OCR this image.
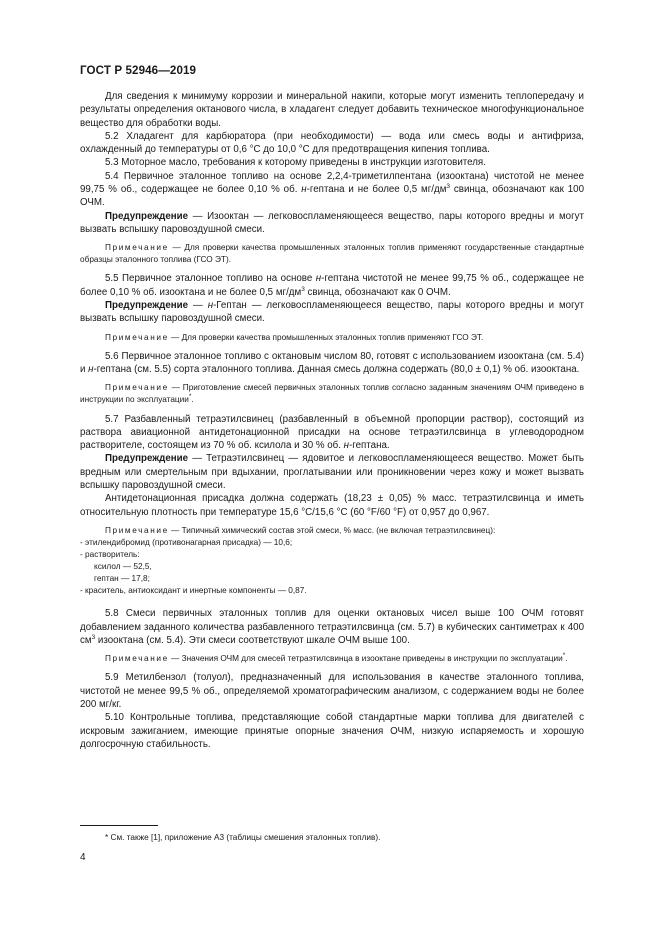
ГОСТ Р 52946—2019

Для сведения к минимуму коррозии и минеральной накипи, которые могут изменить теплопередачу и результаты определения октанового числа, в хладагент следует добавить техническое многофункциональное вещество для обработки воды.

5.2 Хладагент для карбюратора (при необходимости) — вода или смесь воды и антифриза, охлажденный до температуры от 0,6 °C до 10,0 °C для предотвращения кипения топлива.

5.3 Моторное масло, требования к которому приведены в инструкции изготовителя.

5.4 Первичное эталонное топливо на основе 2,2,4-триметилпентана (изооктана) чистотой не менее 99,75 % об., содержащее не более 0,10 % об. н-гептана и не более 0,5 $мг/дм^3$ свинца, обозначают как 100 ОЧМ.

Предупреждение — Изооктан — легковоспламеняющееся вещество, пары которого вредны и могут вызвать вспышку паровоздушной смеси.

Примечание — Для проверки качества промышленных эталонных топлив применяют государственные стандартные образцы эталонного топлива (ГСО ЭТ).

5.5 Первичное эталонное топливо на основе н-гептана чистотой не менее 99,75 % об., содержащее не более 0,10 % об. изооктана и не более 0,5 $мг/дм^3$ свинца, обозначают как 0 ОЧМ.

Предупреждение — н-Гептан — легковоспламеняющееся вещество, пары которого вредны и могут вызвать вспышку паровоздушной смеси.

Примечание — Для проверки качества промышленных эталонных топлив применяют ГСО ЭТ.

5.6 Первичное эталонное топливо с октановым числом 80, готовят с использованием изооктана (см. 5.4) и н-гептана (см. 5.5) сорта эталонного топлива. Данная смесь должна содержать (80,0 ± 0,1) % об. изооктана.

Примечание — Приготовление смесей первичных эталонных топлив согласно заданным значениям ОЧМ приведено в инструкции по эксплуатации*.

5.7 Разбавленный тетраэтилсвинец (разбавленный в объемной пропорции раствор), состоящий из раствора авиационной антидетонационной присадки на основе тетраэтилсвинца в углеводородном растворителе, состоящем из 70 % об. ксилола и 30 % об. н-гептана.

Предупреждение — Тетраэтилсвинец — ядовитое и легковоспламеняющееся вещество. Может быть вредным или смертельным при вдыхании, проглатывании или проникновении через кожу и может вызвать вспышку паровоздушной смеси.

Антидетонационная присадка должна содержать (18,23 ± 0,05) % масс. тетраэтилсвинца и иметь относительную плотность при температуре 15,6 °C/15,6 °C (60 °F/60 °F) от 0,957 до 0,967.

Примечание — Типичный химический состав этой смеси, % масс. (не включая тетраэтилсвинец):
- этилендибромид (противонагарная присадка) — 10,6;
- растворитель:
ксилол — 52,5,
гептан — 17,8;
- краситель, антиоксидант и инертные компоненты — 0,87.

5.8 Смеси первичных эталонных топлив для оценки октановых чисел выше 100 ОЧМ готовят добавлением заданного количества разбавленного тетраэтилсвинца (см. 5.7) в кубических сантиметрах к 400 $см^3$ изооктана (см. 5.4). Эти смеси соответствуют шкале ОЧМ выше 100.

Примечание — Значения ОЧМ для смесей тетраэтилсвинца в изооктане приведены в инструкции по эксплуатации*.

5.9 Метилбензол (толуол), предназначенный для использования в качестве эталонного топлива, чистотой не менее 99,5 % об., определяемой хроматографическим анализом, с содержанием воды не более 200 мг/кг.

5.10 Контрольные топлива, представляющие собой стандартные марки топлива для двигателей с искровым зажиганием, имеющие принятые опорные значения ОЧМ, низкую испаряемость и хорошую долгосрочную стабильность.

* См. также [1], приложение А3 (таблицы смешения эталонных топлив).
4
